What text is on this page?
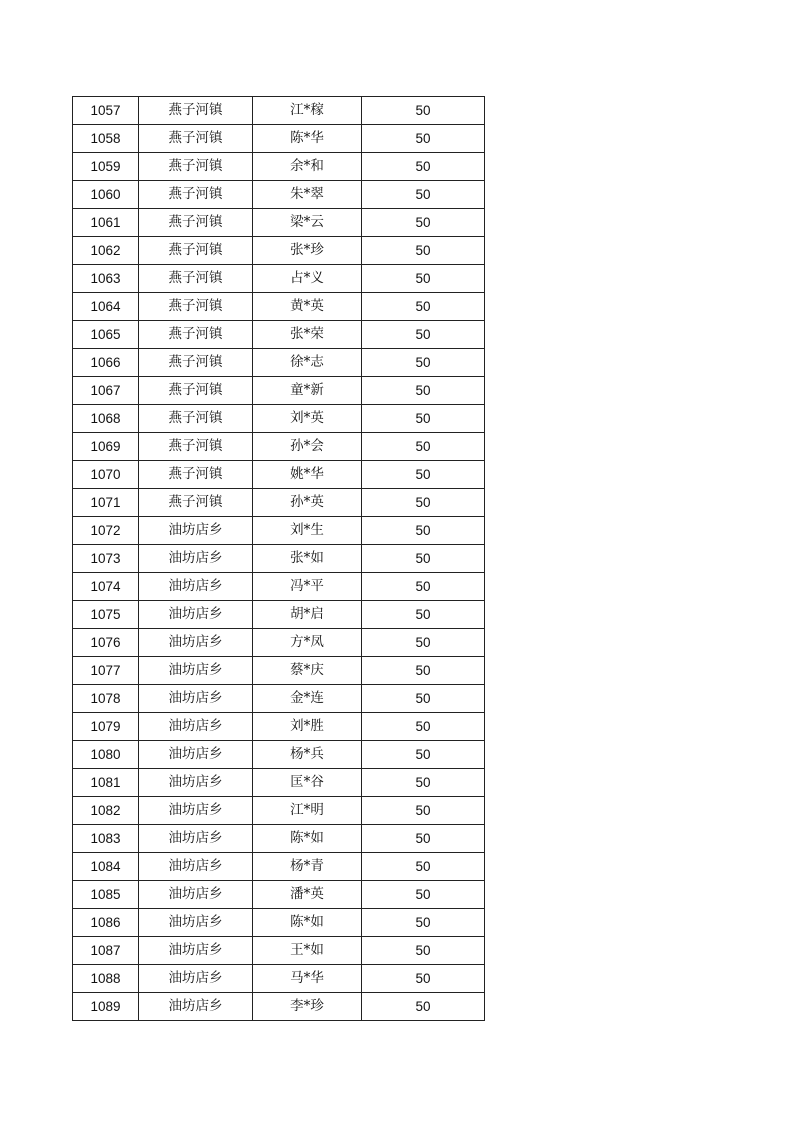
1057	燕子河镇	江*稼	50
1058	燕子河镇	陈*华	50
1059	燕子河镇	余*和	50
1060	燕子河镇	朱*翠	50
1061	燕子河镇	梁*云	50
1062	燕子河镇	张*珍	50
1063	燕子河镇	占*义	50
1064	燕子河镇	黄*英	50
1065	燕子河镇	张*荣	50
1066	燕子河镇	徐*志	50
1067	燕子河镇	童*新	50
1068	燕子河镇	刘*英	50
1069	燕子河镇	孙*会	50
1070	燕子河镇	姚*华	50
1071	燕子河镇	孙*英	50
1072	油坊店乡	刘*生	50
1073	油坊店乡	张*如	50
1074	油坊店乡	冯*平	50
1075	油坊店乡	胡*启	50
1076	油坊店乡	方*凤	50
1077	油坊店乡	蔡*庆	50
1078	油坊店乡	金*连	50
1079	油坊店乡	刘*胜	50
1080	油坊店乡	杨*兵	50
1081	油坊店乡	匡*谷	50
1082	油坊店乡	江*明	50
1083	油坊店乡	陈*如	50
1084	油坊店乡	杨*青	50
1085	油坊店乡	潘*英	50
1086	油坊店乡	陈*如	50
1087	油坊店乡	王*如	50
1088	油坊店乡	马*华	50
1089	油坊店乡	李*珍	50
